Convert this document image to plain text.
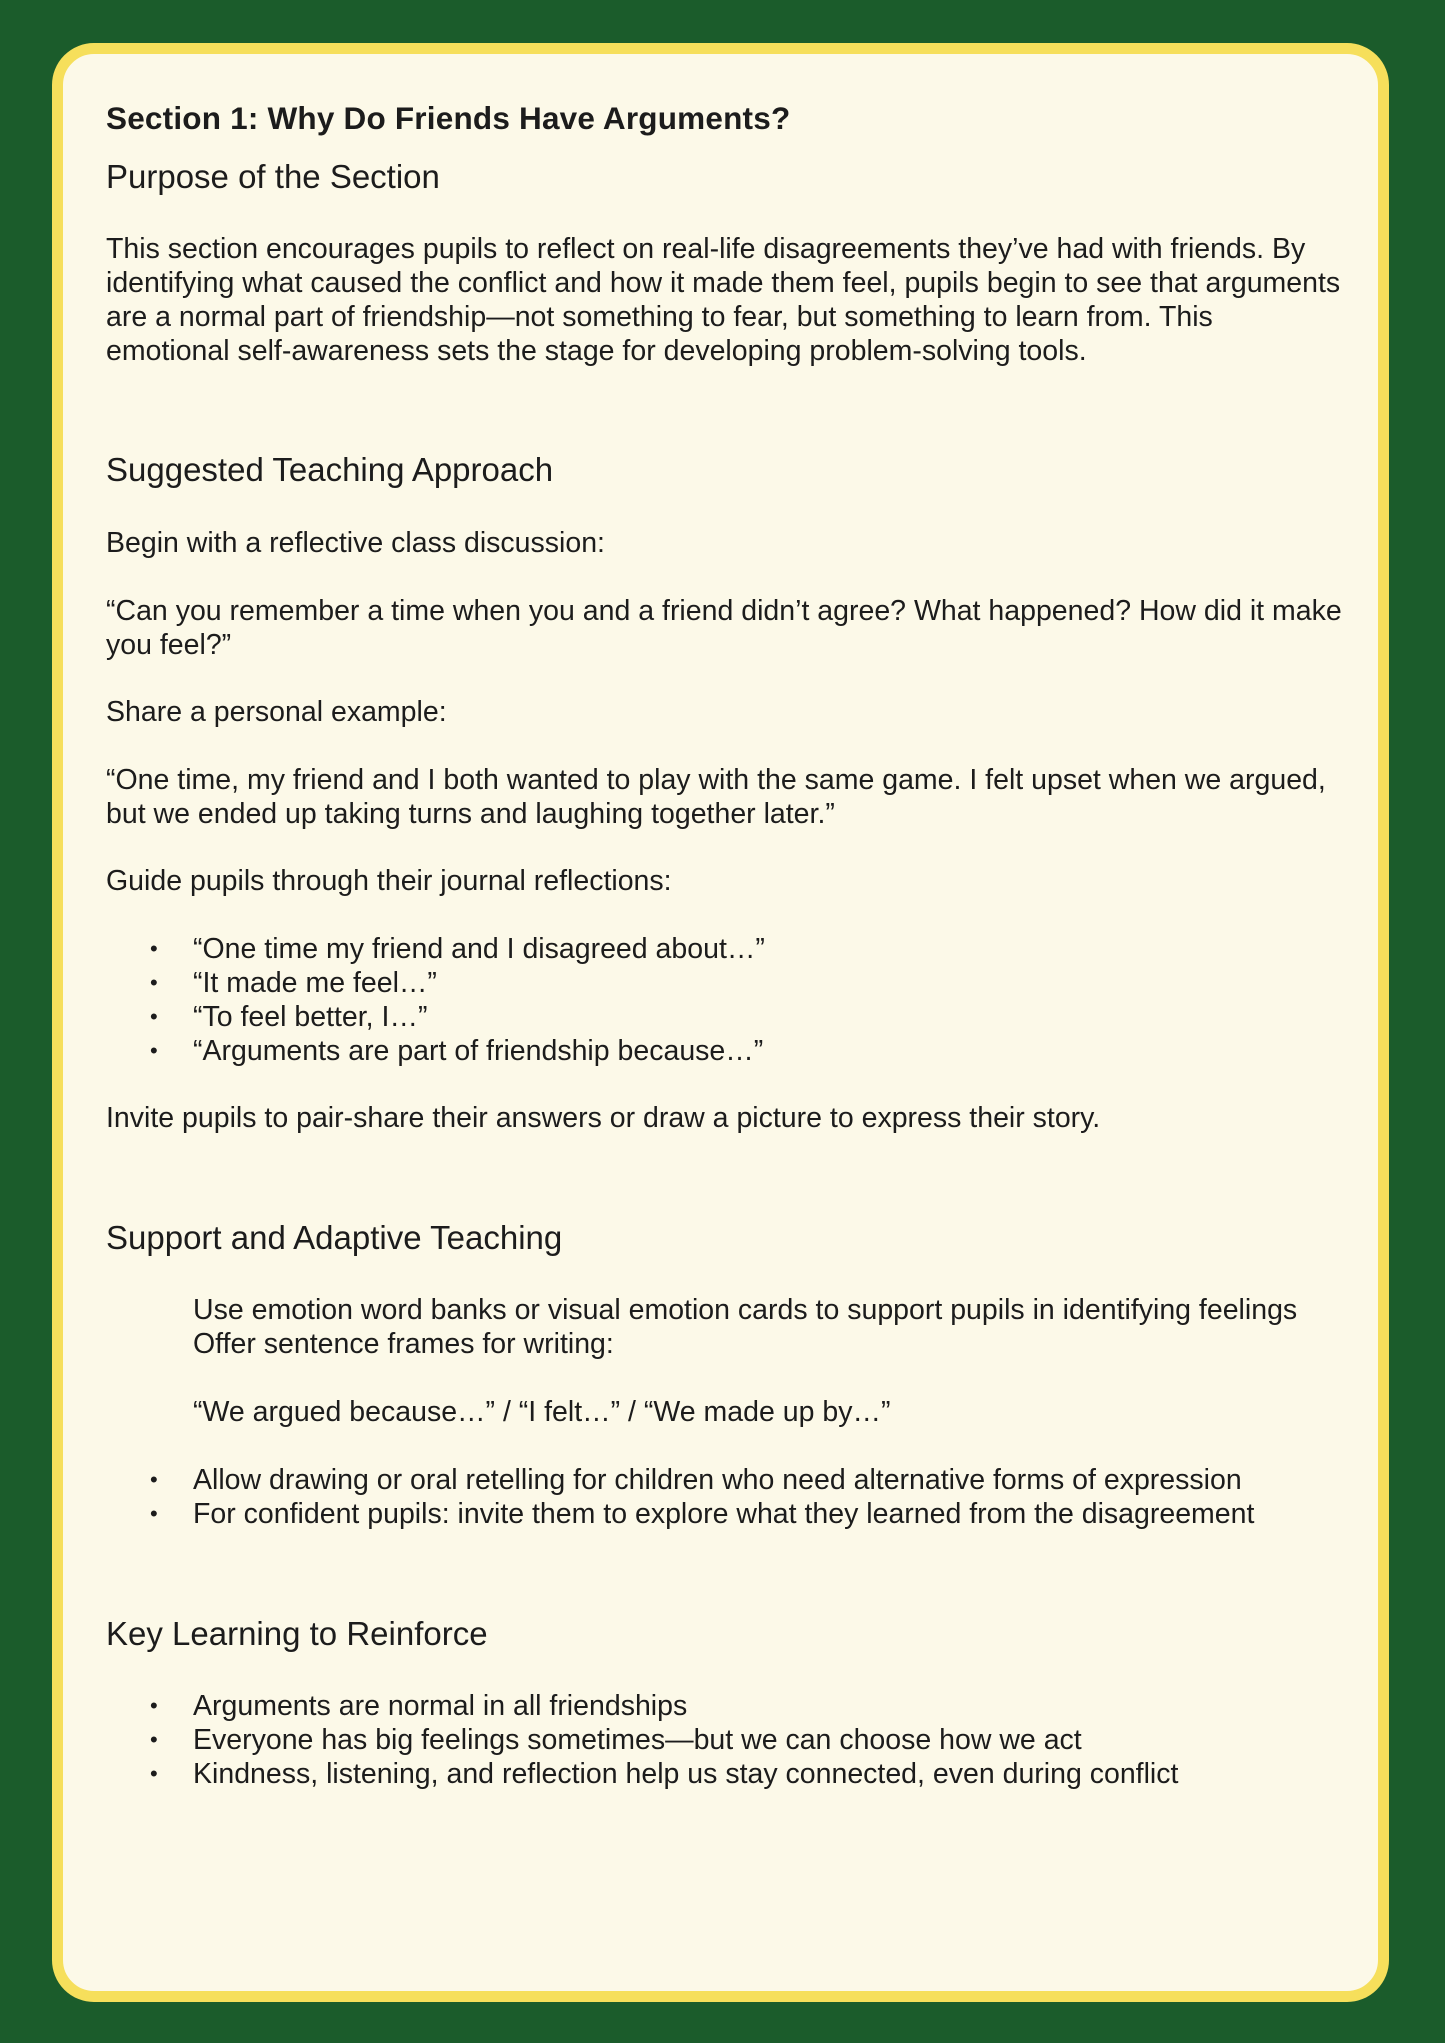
Section 1: Why Do Friends Have Arguments?
Purpose of the Section

This section encourages pupils to reflect on real-life disagreements they’ve had with friends. By identifying what caused the conflict and how it made them feel, pupils begin to see that arguments are a normal part of friendship—not something to fear, but something to learn from. This emotional self-awareness sets the stage for developing problem-solving tools.

Suggested Teaching Approach

Begin with a reflective class discussion:

“Can you remember a time when you and a friend didn’t agree? What happened? How did it make you feel?”

Share a personal example:

“One time, my friend and I both wanted to play with the same game. I felt upset when we argued, but we ended up taking turns and laughing together later.”

Guide pupils through their journal reflections:

• “One time my friend and I disagreed about…”
• “It made me feel…”
• “To feel better, I…”
• “Arguments are part of friendship because…”

Invite pupils to pair-share their answers or draw a picture to express their story.

Support and Adaptive Teaching

Use emotion word banks or visual emotion cards to support pupils in identifying feelings

Offer sentence frames for writing:

“We argued because…” / “I felt…” / “We made up by…”

• Allow drawing or oral retelling for children who need alternative forms of expression
• For confident pupils: invite them to explore what they learned from the disagreement
Key Learning to Reinforce
• Arguments are normal in all friendships
• Everyone has big feelings sometimes—but we can choose how we act
• Kindness, listening, and reflection help us stay connected, even during conflict
